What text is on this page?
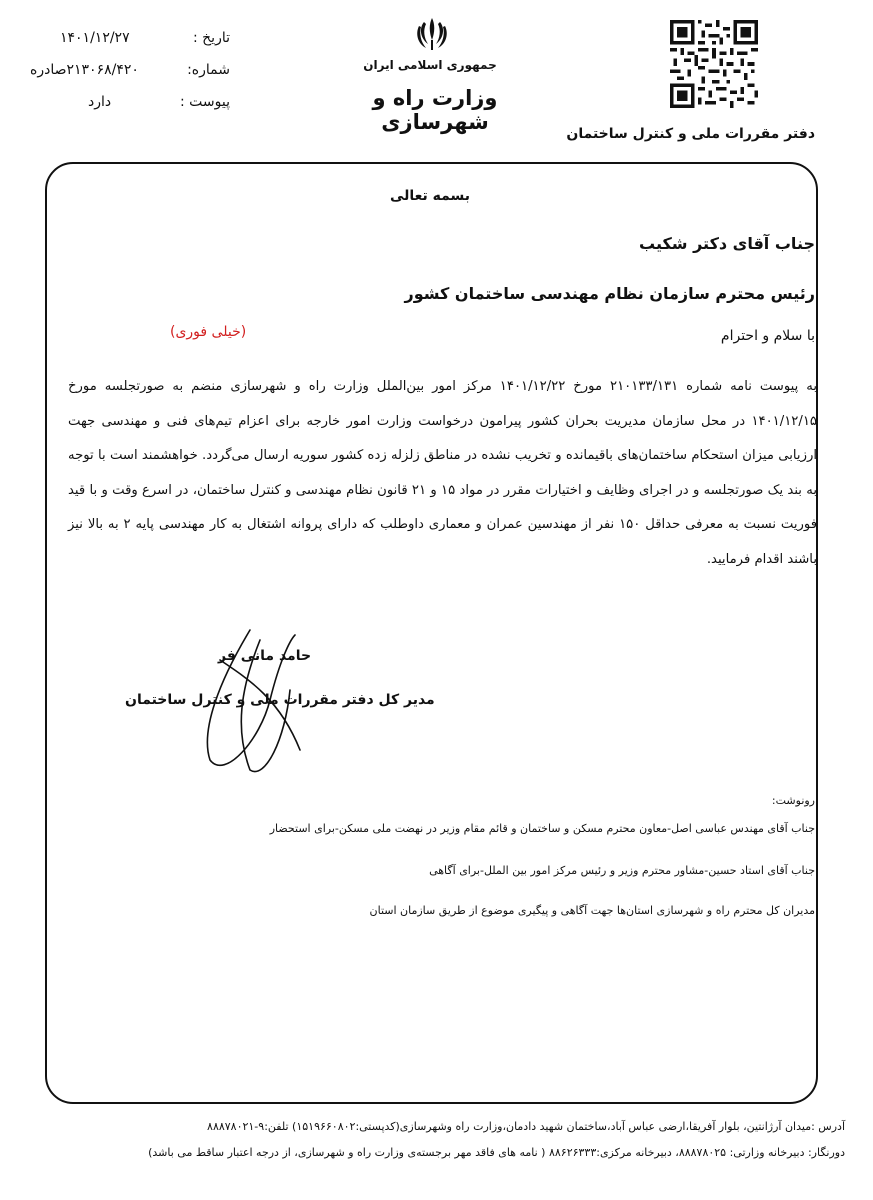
تاریخ :
۱۴۰۱/۱۲/۲۷
شماره:
۲۱۳۰۶۸/۴۲۰صادره
پیوست :
دارد
جمهوری اسلامی ایران
وزارت راه و شهرسازی	دفتر مقررات ملی و کنترل ساختمان
بسمه تعالی
جناب آقای دکتر شکیب
رئیس محترم سازمان نظام مهندسی ساختمان کشور
با سلام و احترام
(خیلی فوری)
به پیوست نامه شماره ۲۱۰۱۳۳/۱۳۱ مورخ ۱۴۰۱/۱۲/۲۲ مرکز امور بین‌الملل وزارت راه و شهرسازی منضم به صورتجلسه مورخ ۱۴۰۱/۱۲/۱۵ در محل سازمان مدیریت بحران کشور پیرامون درخواست وزارت امور خارجه برای اعزام تیم‌های فنی و مهندسی جهت ارزیابی میزان استحکام ساختمان‌های باقیمانده و تخریب نشده در مناطق زلزله زده کشور سوریه ارسال می‌گردد. خواهشمند است با توجه به بند یک صورتجلسه و در اجرای وظایف و اختیارات مقرر در مواد ۱۵ و ۲۱ قانون نظام مهندسی و کنترل ساختمان، در اسرع وقت و با قید فوریت نسبت به معرفی حداقل ۱۵۰ نفر از مهندسین عمران و معماری داوطلب که دارای پروانه اشتغال به کار مهندسی پایه ۲ به بالا نیز باشند اقدام فرمایید.
حامد مانی فر
مدیر کل دفتر مقررات ملی و کنترل ساختمان
رونوشت:
جناب آقای مهندس عباسی اصل-معاون محترم مسکن و ساختمان و قائم مقام وزیر در نهضت ملی مسکن-برای استحضار
جناب آقای استاد حسین-مشاور محترم وزیر و رئیس مرکز امور بین الملل-برای آگاهی
مدیران کل محترم راه و شهرسازی استان‌ها جهت آگاهی و پیگیری موضوع از طریق سازمان استان
آدرس :میدان آرژانتین، بلوار آفریقا،ارضی عباس آباد،ساختمان شهید دادمان،وزارت راه وشهرسازی(کدپستی:۱۵۱۹۶۶۰۸۰۲) تلفن:۹-۸۸۸۷۸۰۲۱
دورنگار: دبیرخانه وزارتی: ۸۸۸۷۸۰۲۵، دبیرخانه مرکزی:۸۸۶۲۶۳۳۳ ( نامه های فاقد مهر برجسته‌ی وزارت راه و شهرسازی، از درجه اعتبار ساقط می باشد)
